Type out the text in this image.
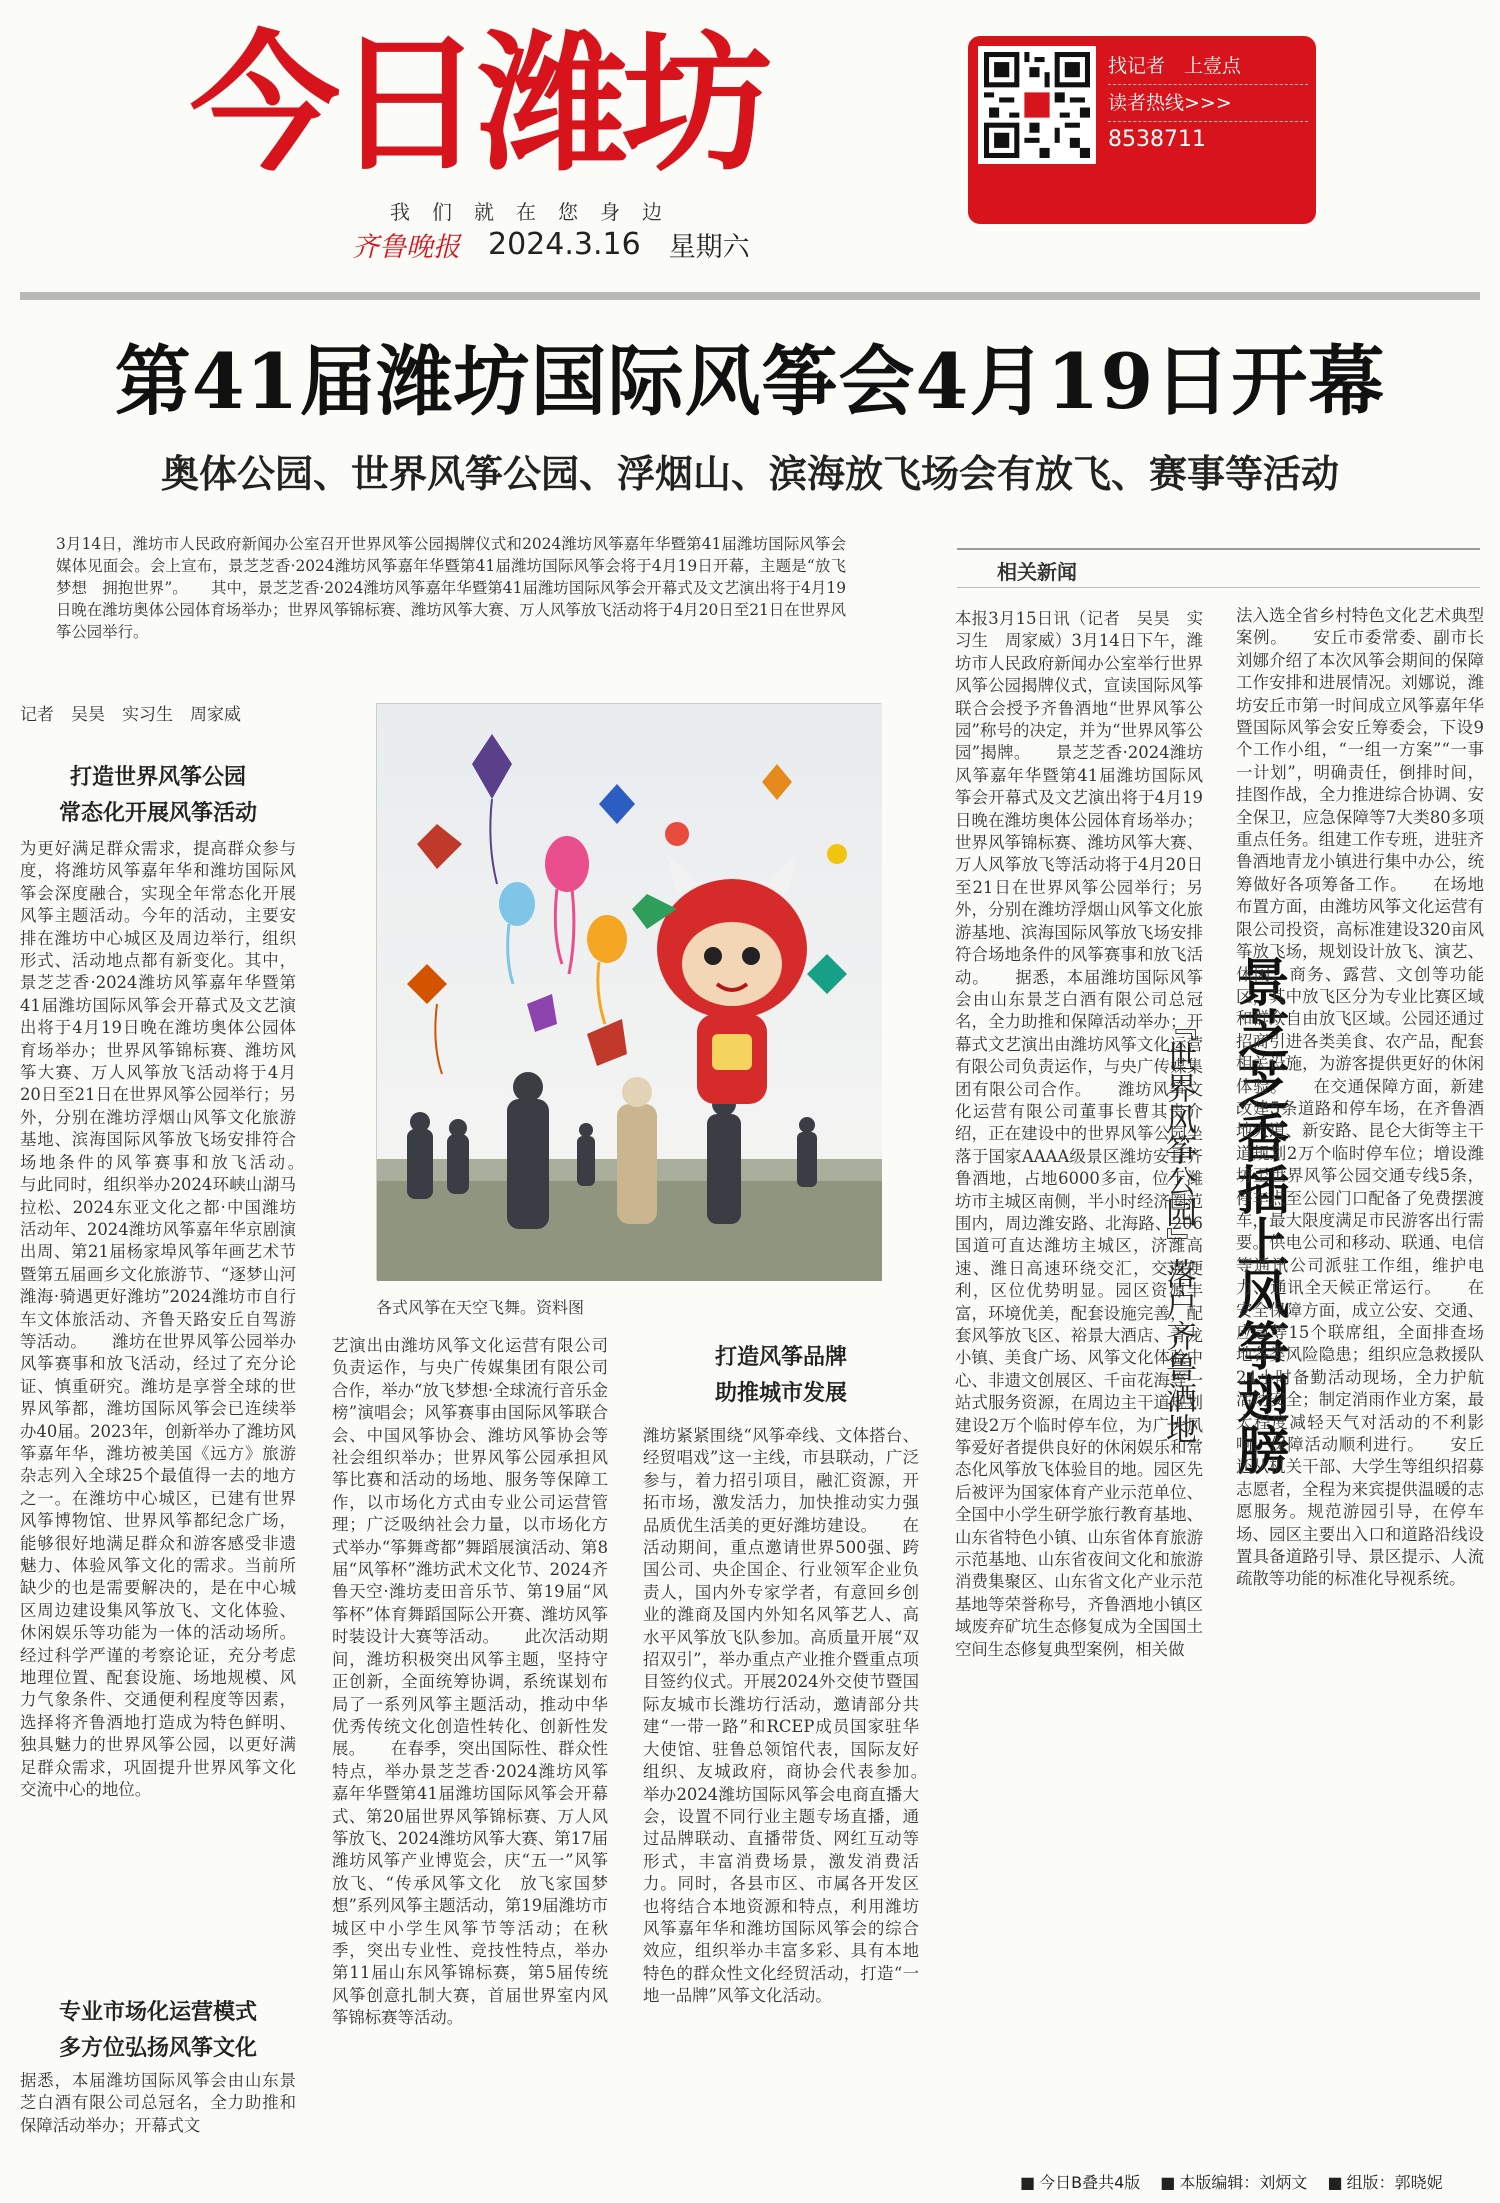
今日潍坊
我们就在您身边
齐鲁晚报 2024.3.16 星期六
找记者　上壹点
读者热线>>>
8538711
第41届潍坊国际风筝会4月19日开幕
奥体公园、世界风筝公园、浮烟山、滨海放飞场会有放飞、赛事等活动

3月14日，潍坊市人民政府新闻办公室召开世界风筝公园揭牌仪式和2024潍坊风筝嘉年华暨第41届潍坊国际风筝会媒体见面会。会上宣布，景芝芝香·2024潍坊风筝嘉年华暨第41届潍坊国际风筝会将于4月19日开幕，主题是“放飞梦想　拥抱世界”。　　其中，景芝芝香·2024潍坊风筝嘉年华暨第41届潍坊国际风筝会开幕式及文艺演出将于4月19日晚在潍坊奥体公园体育场举办；世界风筝锦标赛、潍坊风筝大赛、万人风筝放飞活动将于4月20日至21日在世界风筝公园举行。

记者　吴昊　实习生　周家威
打造世界风筝公园
常态化开展风筝活动

为更好满足群众需求，提高群众参与度，将潍坊风筝嘉年华和潍坊国际风筝会深度融合，实现全年常态化开展风筝主题活动。今年的活动，主要安排在潍坊中心城区及周边举行，组织形式、活动地点都有新变化。其中，景芝芝香·2024潍坊风筝嘉年华暨第41届潍坊国际风筝会开幕式及文艺演出将于4月19日晚在潍坊奥体公园体育场举办；世界风筝锦标赛、潍坊风筝大赛、万人风筝放飞活动将于4月20日至21日在世界风筝公园举行；另外，分别在潍坊浮烟山风筝文化旅游基地、滨海国际风筝放飞场安排符合场地条件的风筝赛事和放飞活动。　　与此同时，组织举办2024环峡山湖马拉松、2024东亚文化之都·中国潍坊活动年、2024潍坊风筝嘉年华京剧演出周、第21届杨家埠风筝年画艺术节暨第五届画乡文化旅游节、“逐梦山河潍海·骑遇更好潍坊”2024潍坊市自行车文体旅活动、齐鲁天路安丘自驾游等活动。　　潍坊在世界风筝公园举办风筝赛事和放飞活动，经过了充分论证、慎重研究。潍坊是享誉全球的世界风筝都，潍坊国际风筝会已连续举办40届。2023年，创新举办了潍坊风筝嘉年华，潍坊被美国《远方》旅游杂志列入全球25个最值得一去的地方之一。在潍坊中心城区，已建有世界风筝博物馆、世界风筝都纪念广场，能够很好地满足群众和游客感受非遗魅力、体验风筝文化的需求。当前所缺少的也是需要解决的，是在中心城区周边建设集风筝放飞、文化体验、休闲娱乐等功能为一体的活动场所。经过科学严谨的考察论证，充分考虑地理位置、配套设施、场地规模、风力气象条件、交通便利程度等因素，选择将齐鲁酒地打造成为特色鲜明、独具魅力的世界风筝公园，以更好满足群众需求，巩固提升世界风筝文化交流中心的地位。

专业市场化运营模式
多方位弘扬风筝文化

据悉，本届潍坊国际风筝会由山东景芝白酒有限公司总冠名，全力助推和保障活动举办；开幕式文

各式风筝在天空飞舞。资料图

艺演出由潍坊风筝文化运营有限公司负责运作，与央广传媒集团有限公司合作，举办“放飞梦想·全球流行音乐金榜”演唱会；风筝赛事由国际风筝联合会、中国风筝协会、潍坊风筝协会等社会组织举办；世界风筝公园承担风筝比赛和活动的场地、服务等保障工作，以市场化方式由专业公司运营管理；广泛吸纳社会力量，以市场化方式举办“筝舞鸢都”舞蹈展演活动、第8届“风筝杯”潍坊武术文化节、2024齐鲁天空·潍坊麦田音乐节、第19届“风筝杯”体育舞蹈国际公开赛、潍坊风筝时装设计大赛等活动。　　此次活动期间，潍坊积极突出风筝主题，坚持守正创新，全面统筹协调，系统谋划布局了一系列风筝主题活动，推动中华优秀传统文化创造性转化、创新性发展。　　在春季，突出国际性、群众性特点，举办景芝芝香·2024潍坊风筝嘉年华暨第41届潍坊国际风筝会开幕式、第20届世界风筝锦标赛、万人风筝放飞、2024潍坊风筝大赛、第17届潍坊风筝产业博览会，庆“五一”风筝放飞、“传承风筝文化　放飞家国梦想”系列风筝主题活动，第19届潍坊市城区中小学生风筝节等活动；在秋季，突出专业性、竞技性特点，举办第11届山东风筝锦标赛，第5届传统风筝创意扎制大赛，首届世界室内风筝锦标赛等活动。

打造风筝品牌
助推城市发展

潍坊紧紧围绕“风筝牵线、文体搭台、经贸唱戏”这一主线，市县联动，广泛参与，着力招引项目，融汇资源，开拓市场，激发活力，加快推动实力强品质优生活美的更好潍坊建设。　　在活动期间，重点邀请世界500强、跨国公司、央企国企、行业领军企业负责人，国内外专家学者，有意回乡创业的潍商及国内外知名风筝艺人、高水平风筝放飞队参加。高质量开展“双招双引”，举办重点产业推介暨重点项目签约仪式。开展2024外交使节暨国际友城市长潍坊行活动，邀请部分共建“一带一路”和RCEP成员国家驻华大使馆、驻鲁总领馆代表，国际友好组织、友城政府，商协会代表参加。　　举办2024潍坊国际风筝会电商直播大会，设置不同行业主题专场直播，通过品牌联动、直播带货、网红互动等形式，丰富消费场景，激发消费活力。同时，各县市区、市属各开发区也将结合本地资源和特点，利用潍坊风筝嘉年华和潍坊国际风筝会的综合效应，组织举办丰富多彩、具有本地特色的群众性文化经贸活动，打造“一地一品牌”风筝文化活动。

相关新闻

本报3月15日讯（记者　吴昊　实习生　周家威）3月14日下午，潍坊市人民政府新闻办公室举行世界风筝公园揭牌仪式，宣读国际风筝联合会授予齐鲁酒地“世界风筝公园”称号的决定，并为“世界风筝公园”揭牌。　　景芝芝香·2024潍坊风筝嘉年华暨第41届潍坊国际风筝会开幕式及文艺演出将于4月19日晚在潍坊奥体公园体育场举办；世界风筝锦标赛、潍坊风筝大赛、万人风筝放飞等活动将于4月20日至21日在世界风筝公园举行；另外，分别在潍坊浮烟山风筝文化旅游基地、滨海国际风筝放飞场安排符合场地条件的风筝赛事和放飞活动。　　据悉，本届潍坊国际风筝会由山东景芝白酒有限公司总冠名，全力助推和保障活动举办；开幕式文艺演出由潍坊风筝文化运营有限公司负责运作，与央广传媒集团有限公司合作。　　潍坊风筝文化运营有限公司董事长曹其贵介绍，正在建设中的世界风筝公园坐落于国家AAAA级景区潍坊安丘齐鲁酒地，占地6000多亩，位于潍坊市主城区南侧，半小时经济圈范围内，周边潍安路、北海路、206国道可直达潍坊主城区，济潍高速、潍日高速环绕交汇，交通便利，区位优势明显。园区资源丰富，环境优美，配套设施完善，配套风筝放飞区、裕景大酒店、青龙小镇、美食广场、风筝文化体验中心、非遗文创展区、千亩花海等一站式服务资源，在周边主干道规划建设2万个临时停车位，为广大风筝爱好者提供良好的休闲娱乐和常态化风筝放飞体验目的地。园区先后被评为国家体育产业示范单位、全国中小学生研学旅行教育基地、山东省特色小镇、山东省体育旅游示范基地、山东省夜间文化和旅游消费集聚区、山东省文化产业示范基地等荣誉称号，齐鲁酒地小镇区域废弃矿坑生态修复成为全国国土空间生态修复典型案例，相关做

『世界风筝公园』落户齐鲁酒地 景芝芝香插上风筝翅膀

法入选全省乡村特色文化艺术典型案例。　　安丘市委常委、副市长刘娜介绍了本次风筝会期间的保障工作安排和进展情况。刘娜说，潍坊安丘市第一时间成立风筝嘉年华暨国际风筝会安丘筹委会，下设9个工作小组，“一组一方案”“一事一计划”，明确责任，倒排时间，挂图作战，全力推进综合协调、安全保卫，应急保障等7大类80多项重点任务。组建工作专班，进驻齐鲁酒地青龙小镇进行集中办公，统筹做好各项筹备工作。　　在场地布置方面，由潍坊风筝文化运营有限公司投资，高标准建设320亩风筝放飞场，规划设计放飞、演艺、休闲、商务、露营、文创等功能区，其中放飞区分为专业比赛区域和群众自由放飞区域。公园还通过招商引进各类美食、农产品，配套相关设施，为游客提供更好的休闲体验。　　在交通保障方面，新建改建5条道路和停车场，在齐鲁酒地大道、新安路、昆仑大街等主干道规划2万个临时停车位；增设潍坊至世界风筝公园交通专线5条，停车点至公园门口配备了免费摆渡车，最大限度满足市民游客出行需要。供电公司和移动、联通、电信等通讯公司派驻工作组，维护电力、通讯全天候正常运行。　　在安全保障方面，成立公安、交通、应急等15个联席组，全面排查场地各类风险隐患；组织应急救援队24小时备勤活动现场，全力护航活动安全；制定消雨作业方案，最大程度减轻天气对活动的不利影响，保障活动顺利进行。　　安丘还从机关干部、大学生等组织招募志愿者，全程为来宾提供温暖的志愿服务。规范游园引导，在停车场、园区主要出入口和道路沿线设置具备道路引导、景区提示、人流疏散等功能的标准化导视系统。

■ 今日B叠共4版	■ 本版编辑：刘炳文	■ 组版：郭晓妮
